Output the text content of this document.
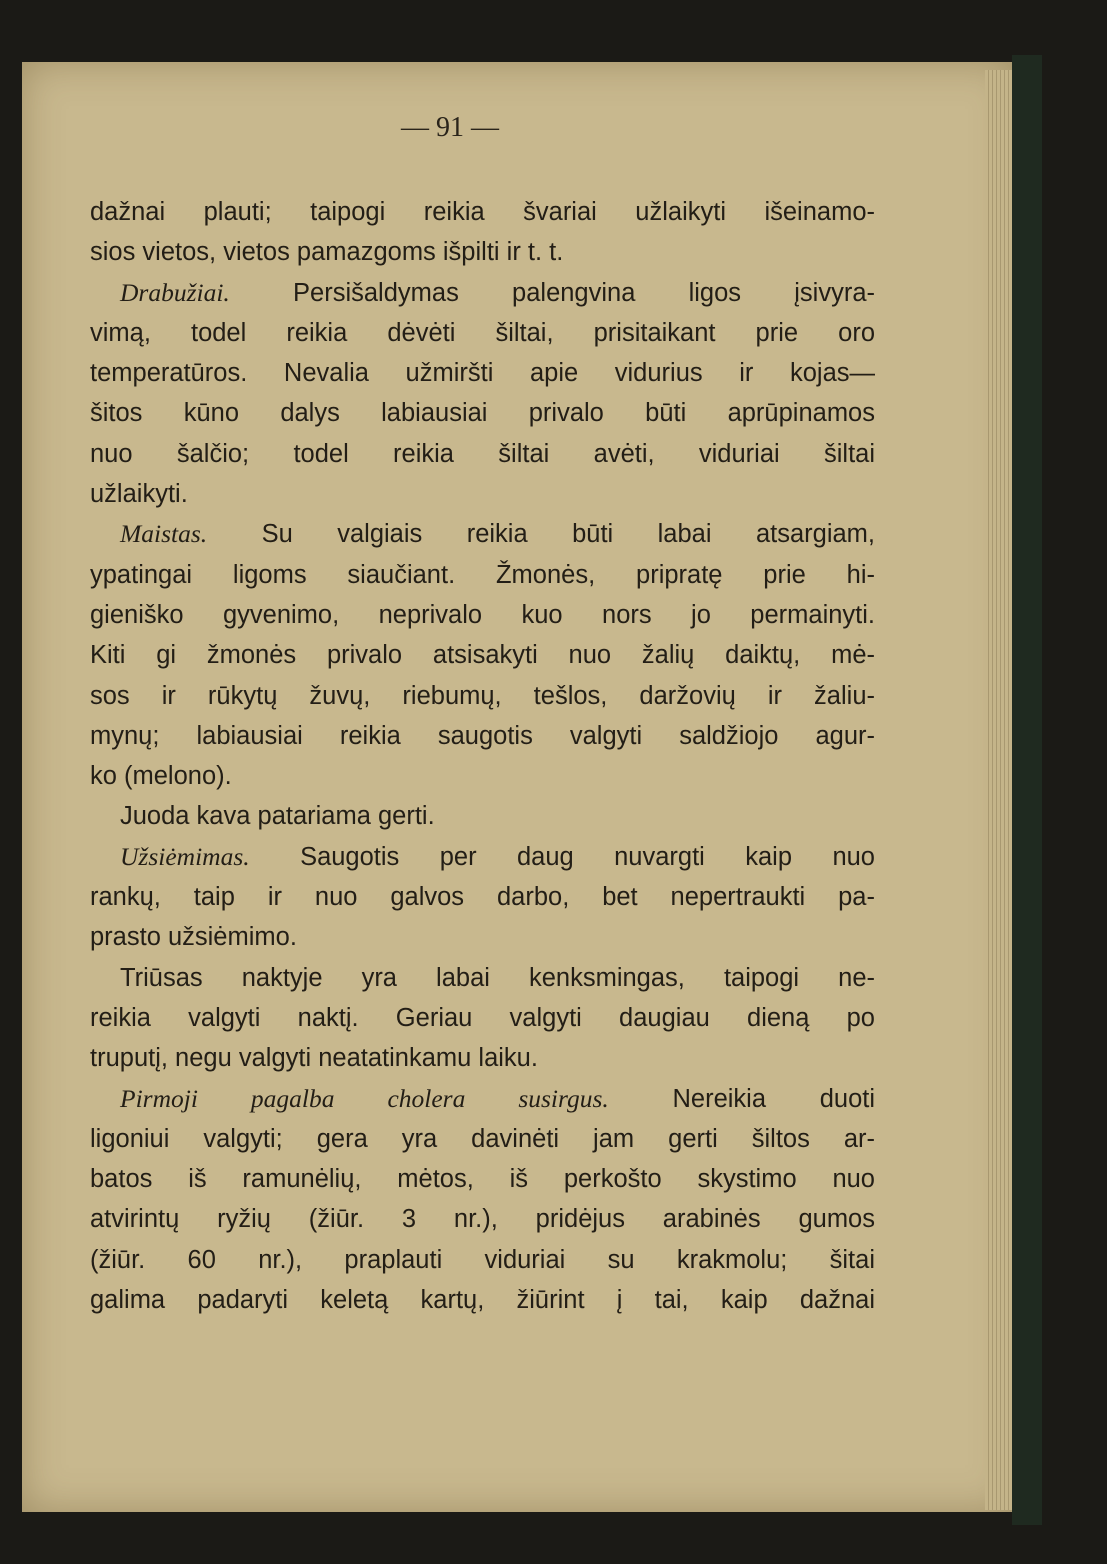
— 91 —
dažnai plauti; taipogi reikia švariai užlaikyti išeinamo-
sios vietos, vietos pamazgoms išpilti ir t. t.
Drabužiai. Persišaldymas palengvina ligos įsivyra-
vimą, todel reikia dėvėti šiltai, prisitaikant prie oro
temperatūros. Nevalia užmiršti apie vidurius ir kojas—
šitos kūno dalys labiausiai privalo būti aprūpinamos
nuo šalčio; todel reikia šiltai avėti, viduriai šiltai
užlaikyti.
Maistas. Su valgiais reikia būti labai atsargiam,
ypatingai ligoms siaučiant. Žmonės, pripratę prie hi-
gieniško gyvenimo, neprivalo kuo nors jo permainyti.
Kiti gi žmonės privalo atsisakyti nuo žalių daiktų, mė-
sos ir rūkytų žuvų, riebumų, tešlos, daržovių ir žaliu-
mynų; labiausiai reikia saugotis valgyti saldžiojo agur-
ko (melono).
Juoda kava patariama gerti.
Užsiėmimas. Saugotis per daug nuvargti kaip nuo
rankų, taip ir nuo galvos darbo, bet nepertraukti pa-
prasto užsiėmimo.
Triūsas naktyje yra labai kenksmingas, taipogi ne-
reikia valgyti naktį. Geriau valgyti daugiau dieną po
truputį, negu valgyti neatatinkamu laiku.
Pirmoji pagalba cholera susirgus. Nereikia duoti
ligoniui valgyti; gera yra davinėti jam gerti šiltos ar-
batos iš ramunėlių, mėtos, iš perkošto skystimo nuo
atvirintų ryžių (žiūr. 3 nr.), pridėjus arabinės gumos
(žiūr. 60 nr.), praplauti viduriai su krakmolu; šitai
galima padaryti keletą kartų, žiūrint į tai, kaip dažnai
